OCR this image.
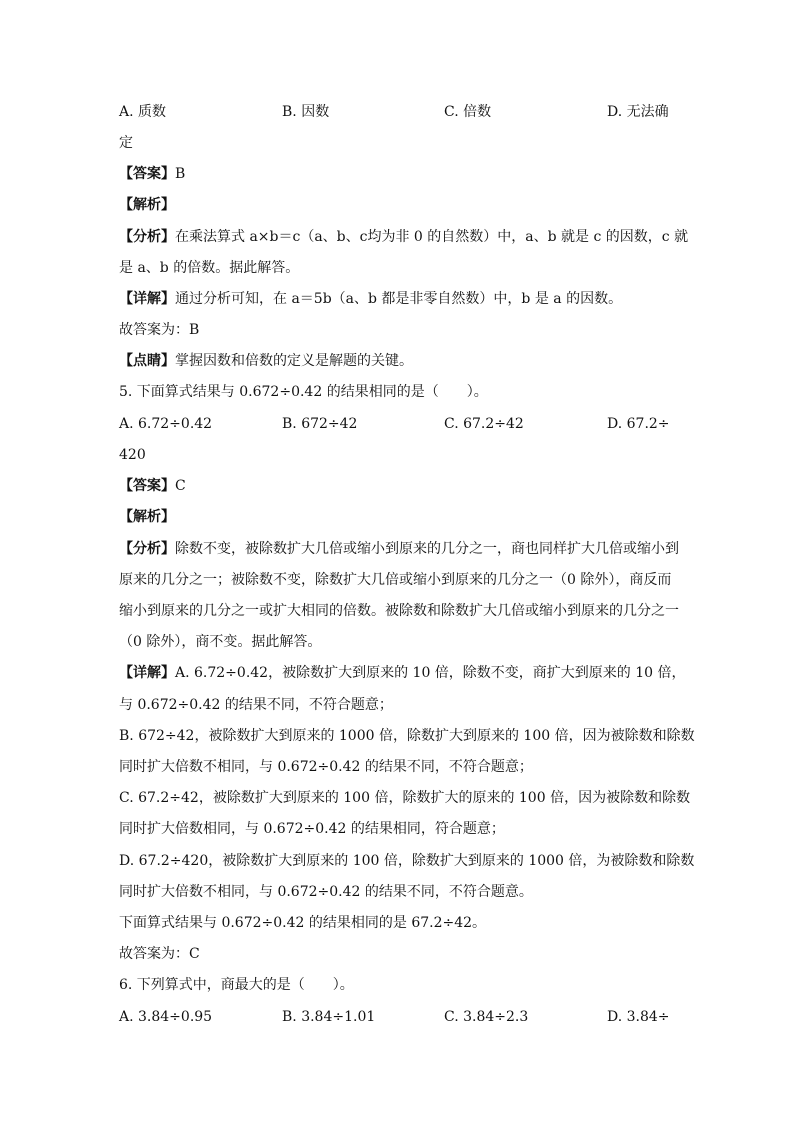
A. 质数	B. 因数	C. 倍数	D. 无法确
定
【 答案 】 B
【 解析 】
【 分析 】 在乘法算式 a×b＝c（a、b、c均为非 0 的自然数）中，a、b 就是 c 的因数，c 就
是 a、b 的倍数。据此解答。
【 详解 】 通过分析可知，在 a＝5b（a、b 都是非零自然数）中，b 是 a 的因数。
故答案为：B
【 点睛 】 掌握因数和倍数的定义是解题的关键。
5. 下面算式结果与 0.672÷0.42 的结果相同的是（　　）。
A. 6.72÷0.42	B. 672÷42	C. 67.2÷42	D. 67.2÷
420
【 答案 】 C
【 解析 】
【 分析 】 除数不变，被除数扩大几倍或缩小到原来的几分之一，商也同样扩大几倍或缩小到
原来的几分之一；被除数不变，除数扩大几倍或缩小到原来的几分之一（0 除外），商反而
缩小到原来的几分之一或扩大相同的倍数。被除数和除数扩大几倍或缩小到原来的几分之一
（0 除外），商不变。据此解答。
【 详解 】 A. 6.72÷0.42，被除数扩大到原来的 10 倍，除数不变，商扩大到原来的 10 倍，
与 0.672÷0.42 的结果不同，不符合题意；
B. 672÷42，被除数扩大到原来的 1000 倍，除数扩大到原来的 100 倍，因为被除数和除数
同时扩大倍数不相同，与 0.672÷0.42 的结果不同，不符合题意；
C. 67.2÷42，被除数扩大到原来的 100 倍，除数扩大的原来的 100 倍，因为被除数和除数
同时扩大倍数相同，与 0.672÷0.42 的结果相同，符合题意；
D. 67.2÷420，被除数扩大到原来的 100 倍，除数扩大到原来的 1000 倍，为被除数和除数
同时扩大倍数不相同，与 0.672÷0.42 的结果不同，不符合题意。
下面算式结果与 0.672÷0.42 的结果相同的是 67.2÷42。
故答案为：C
6. 下列算式中，商最大的是（　　）。
A. 3.84÷0.95	B. 3.84÷1.01	C. 3.84÷2.3	D. 3.84÷
